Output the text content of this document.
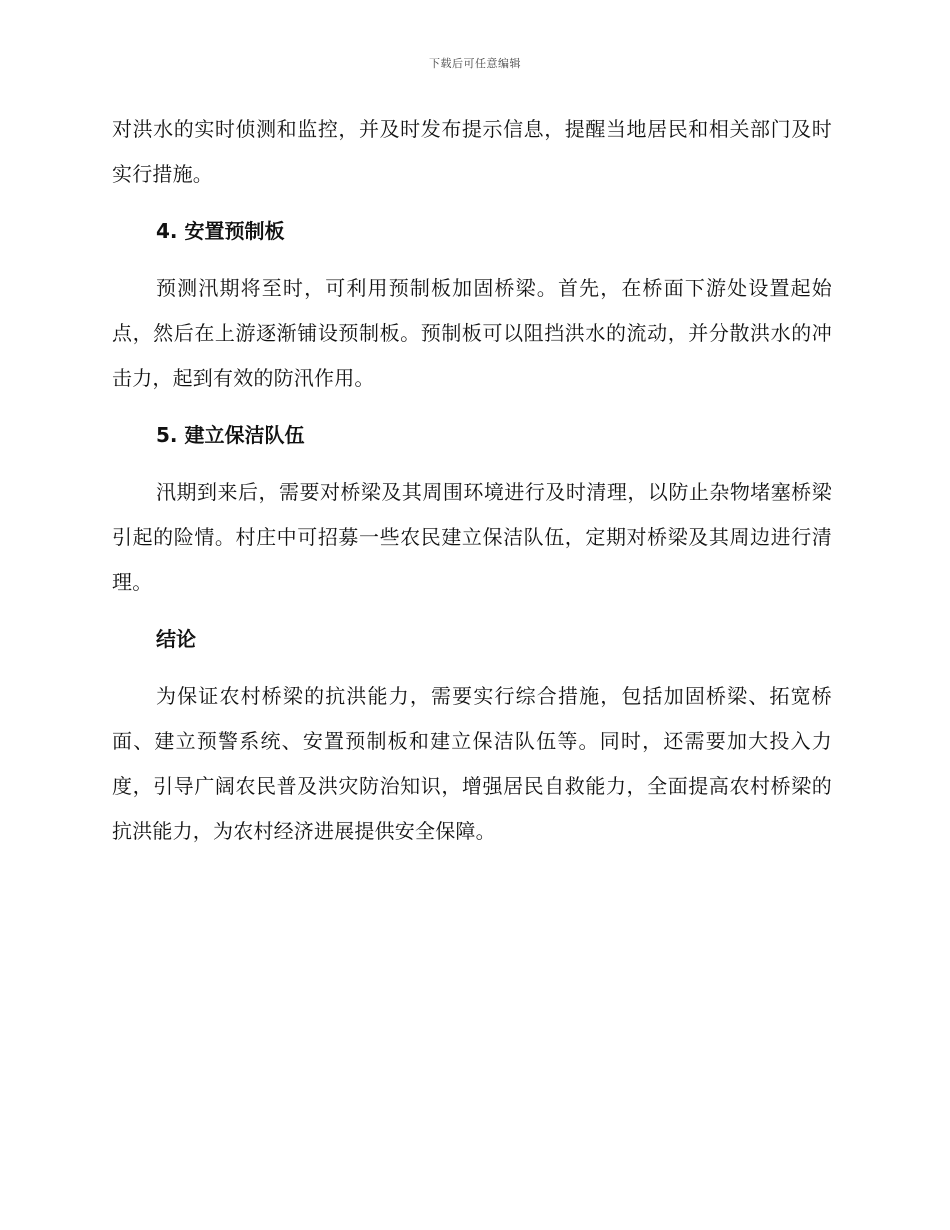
下载后可任意编辑

对洪水的实时侦测和监控，并及时发布提示信息，提醒当地居民和相关部门及时实行措施。

4. 安置预制板

预测汛期将至时，可利用预制板加固桥梁。首先，在桥面下游处设置起始点，然后在上游逐渐铺设预制板。预制板可以阻挡洪水的流动，并分散洪水的冲击力，起到有效的防汛作用。

5. 建立保洁队伍

汛期到来后，需要对桥梁及其周围环境进行及时清理，以防止杂物堵塞桥梁引起的险情。村庄中可招募一些农民建立保洁队伍，定期对桥梁及其周边进行清理。

结论

为保证农村桥梁的抗洪能力，需要实行综合措施，包括加固桥梁、拓宽桥面、建立预警系统、安置预制板和建立保洁队伍等。同时，还需要加大投入力度，引导广阔农民普及洪灾防治知识，增强居民自救能力，全面提高农村桥梁的抗洪能力，为农村经济进展提供安全保障。
